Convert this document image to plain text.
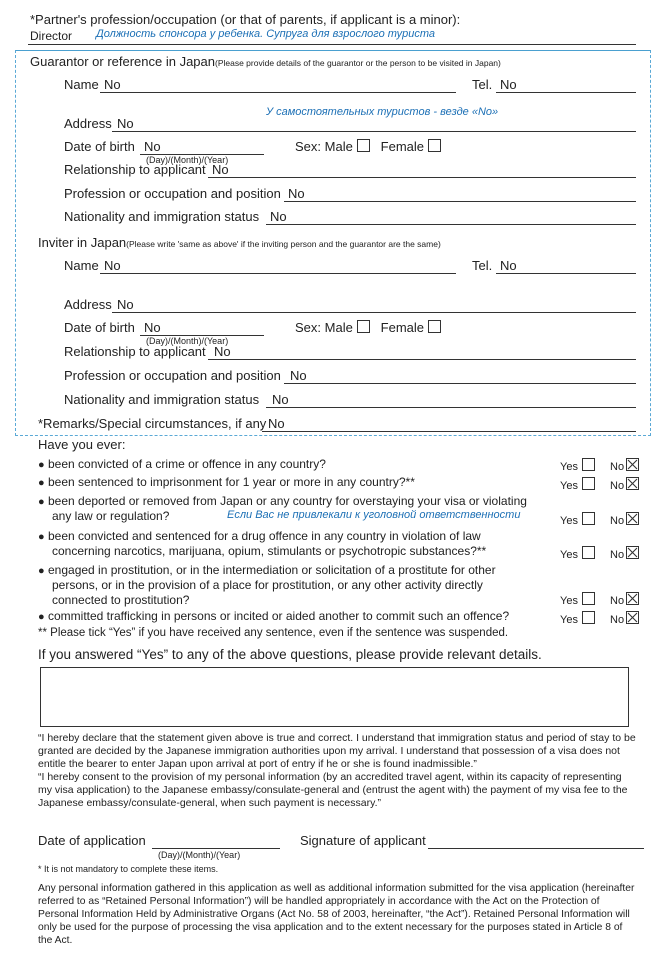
*Partner's profession/occupation (or that of parents, if applicant is a minor):
Director Должность спонсора у ребенка. Супруга для взрослого туриста
Guarantor or reference in Japan(Please provide details of the guarantor or the person to be visited in Japan)
Name No	Tel. No
У самостоятельных туристов - везде «No»
Address No
Date of birth No
(Day)/(Month)/(Year)
Sex: Male Female
Relationship to applicant No
Profession or occupation and position No
Nationality and immigration status No
Inviter in Japan(Please write 'same as above' if the inviting person and the guarantor are the same)
Name No	Tel. No
Address No
Date of birth No
(Day)/(Month)/(Year)
Sex: Male Female
Relationship to applicant No
Profession or occupation and position No
Nationality and immigration status No
*Remarks/Special circumstances, if any No
Have you ever:
● been convicted of a crime or offence in any country?	Yes	No
● been sentenced to imprisonment for 1 year or more in any country?**	Yes	No
● been deported or removed from Japan or any country for overstaying your visa or violating
any law or regulation?	Если Вас не привлекали к уголовной ответственности	Yes	No
● been convicted and sentenced for a drug offence in any country in violation of law
concerning narcotics, marijuana, opium, stimulants or psychotropic substances?**	Yes	No
● engaged in prostitution, or in the intermediation or solicitation of a prostitute for other
persons, or in the provision of a place for prostitution, or any other activity directly
connected to prostitution?	Yes	No
● committed trafficking in persons or incited or aided another to commit such an offence?	Yes	No
** Please tick “Yes” if you have received any sentence, even if the sentence was suspended.
If you answered “Yes” to any of the above questions, please provide relevant details.
“I hereby declare that the statement given above is true and correct. I understand that immigration status and period of stay to be granted are decided by the Japanese immigration authorities upon my arrival. I understand that possession of a visa does not entitle the bearer to enter Japan upon arrival at port of entry if he or she is found inadmissible.”
“I hereby consent to the provision of my personal information (by an accredited travel agent, within its capacity of representing my visa application) to the Japanese embassy/consulate-general and (entrust the agent with) the payment of my visa fee to the Japanese embassy/consulate-general, when such payment is necessary.”
Date of application
(Day)/(Month)/(Year)
Signature of applicant
* It is not mandatory to complete these items.
Any personal information gathered in this application as well as additional information submitted for the visa application (hereinafter referred to as “Retained Personal Information”) will be handled appropriately in accordance with the Act on the Protection of Personal Information Held by Administrative Organs (Act No. 58 of 2003, hereinafter, “the Act”). Retained Personal Information will only be used for the purpose of processing the visa application and to the extent necessary for the purposes stated in Article 8 of the Act.
